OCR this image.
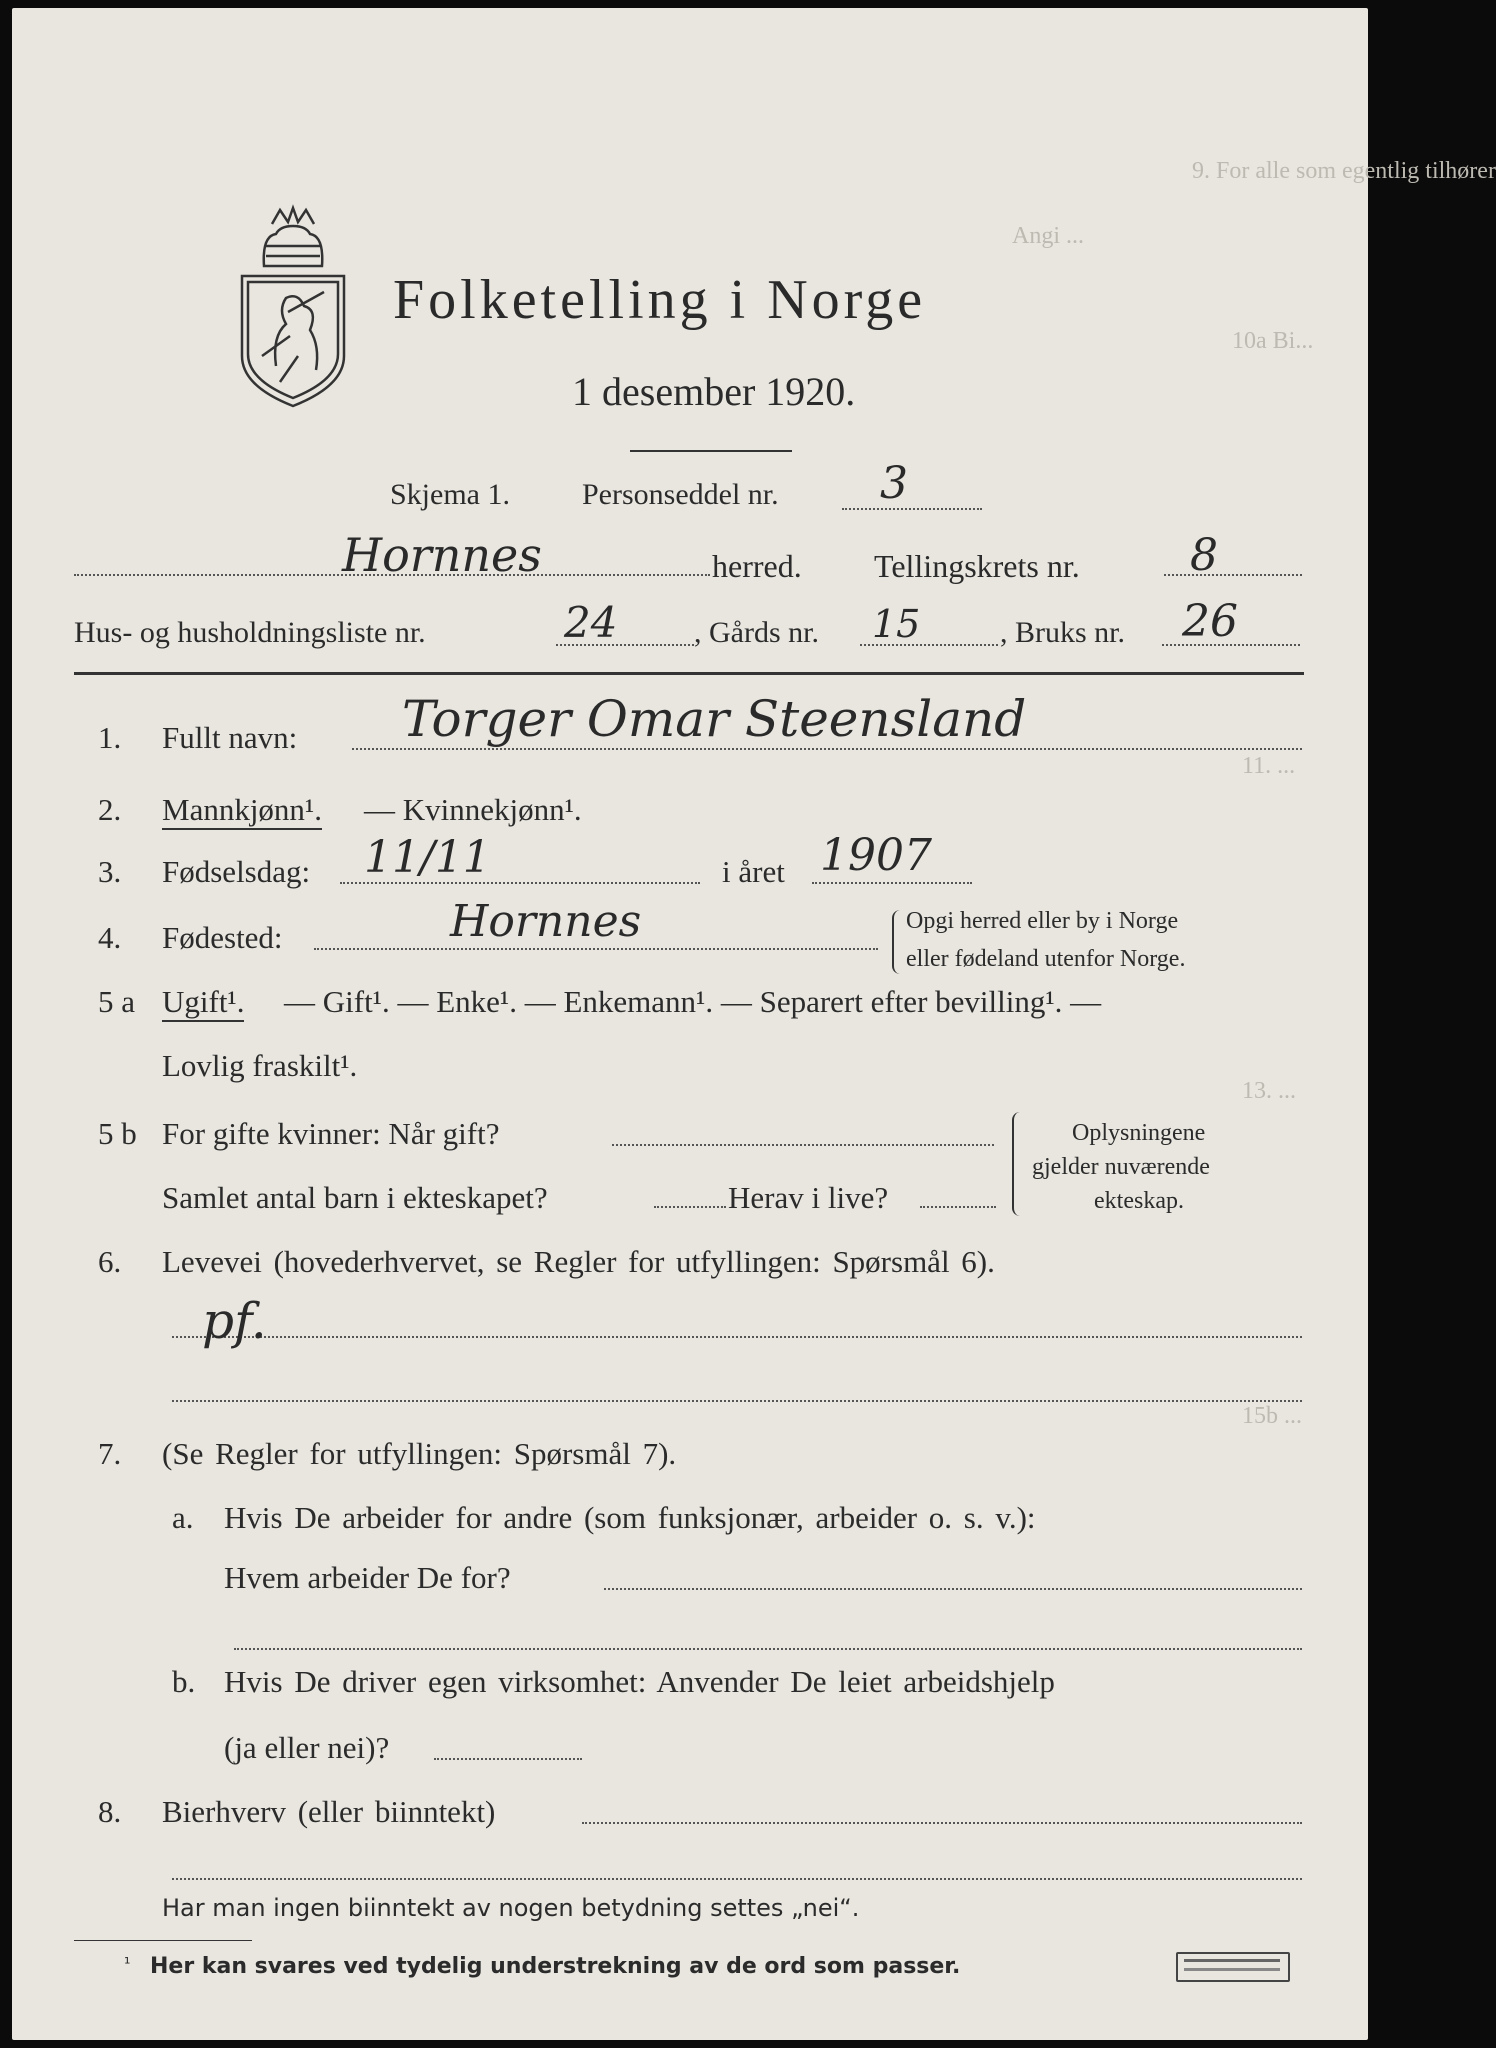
9. For alle som egentlig tilhører
Angi ...
10a Bi...
11. ...
13. ...
15b ...
Folketelling i Norge
1 desember 1920.
Skjema 1. Personseddel nr. 3
Hornnes	herred. Tellingskrets nr.	8
Hus- og husholdningsliste nr.	24	, Gårds nr. 15	, Bruks nr. 26
1. Fullt navn: Torger Omar Steensland
2. Mannkjønn¹. — Kvinnekjønn¹.
3. Fødselsdag: 11/11	i året 1907
4. Fødested:	Hornnes	Opgi herred eller by i Norge
eller fødeland utenfor Norge.
5 a Ugift¹. — Gift¹. — Enke¹. — Enkemann¹. — Separert efter bevilling¹. —
Lovlig fraskilt¹.
5 b For gifte kvinner: Når gift?
Samlet antal barn i ekteskapet?	Herav i live?
Oplysningene
gjelder nuværende
ekteskap.
6. Levevei (hovederhvervet, se Regler for utfyllingen: Spørsmål 6).
pf.
7. (Se Regler for utfyllingen: Spørsmål 7).
a. Hvis De arbeider for andre (som funksjonær, arbeider o. s. v.):
Hvem arbeider De for?
b. Hvis De driver egen virksomhet: Anvender De leiet arbeidshjelp
(ja eller nei)?
8. Bierhverv (eller biinntekt)
Har man ingen biinntekt av nogen betydning settes „nei“.
¹ Her kan svares ved tydelig understrekning av de ord som passer.
